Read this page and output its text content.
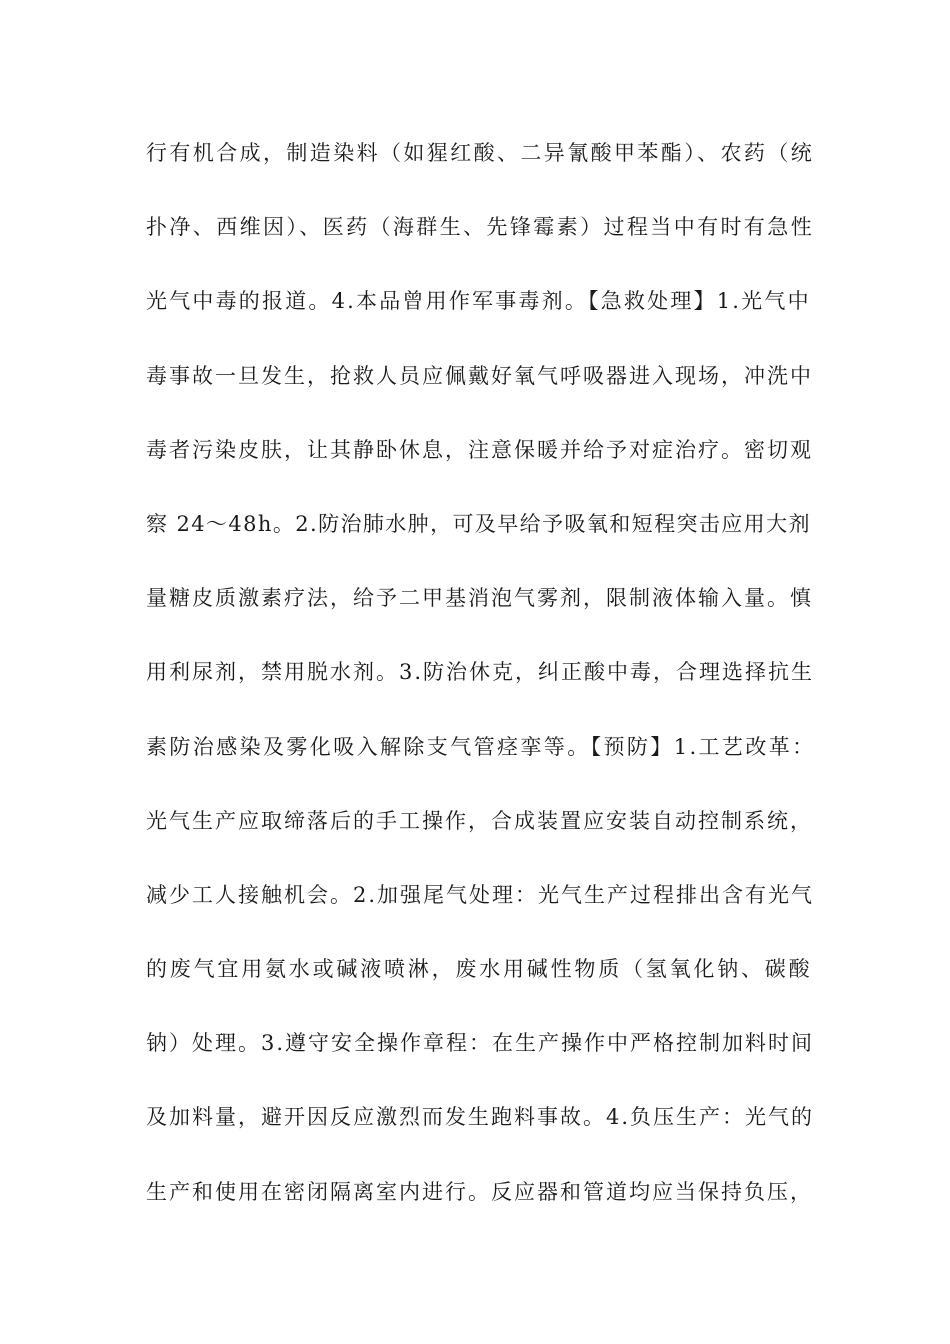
行有机合成，制造染料（如猩红酸、二异氰酸甲苯酯）、农药（统
扑净、西维因）、医药（海群生、先锋霉素）过程当中有时有急性
光气中毒的报道。4.本品曾用作军事毒剂。【急救处理】1.光气中
毒事故一旦发生，抢救人员应佩戴好氧气呼吸器进入现场，冲洗中
毒者污染皮肤，让其静卧休息，注意保暖并给予对症治疗。密切观
察 24～48h。2.防治肺水肿，可及早给予吸氧和短程突击应用大剂
量糖皮质激素疗法，给予二甲基消泡气雾剂，限制液体输入量。慎
用利尿剂，禁用脱水剂。3.防治休克，纠正酸中毒，合理选择抗生
素防治感染及雾化吸入解除支气管痉挛等。【预防】1.工艺改革：
光气生产应取缔落后的手工操作，合成装置应安装自动控制系统，
减少工人接触机会。2.加强尾气处理：光气生产过程排出含有光气
的废气宜用氨水或碱液喷淋，废水用碱性物质（氢氧化钠、碳酸
钠）处理。3.遵守安全操作章程：在生产操作中严格控制加料时间
及加料量，避开因反应激烈而发生跑料事故。4.负压生产：光气的
生产和使用在密闭隔离室内进行。反应器和管道均应当保持负压，
